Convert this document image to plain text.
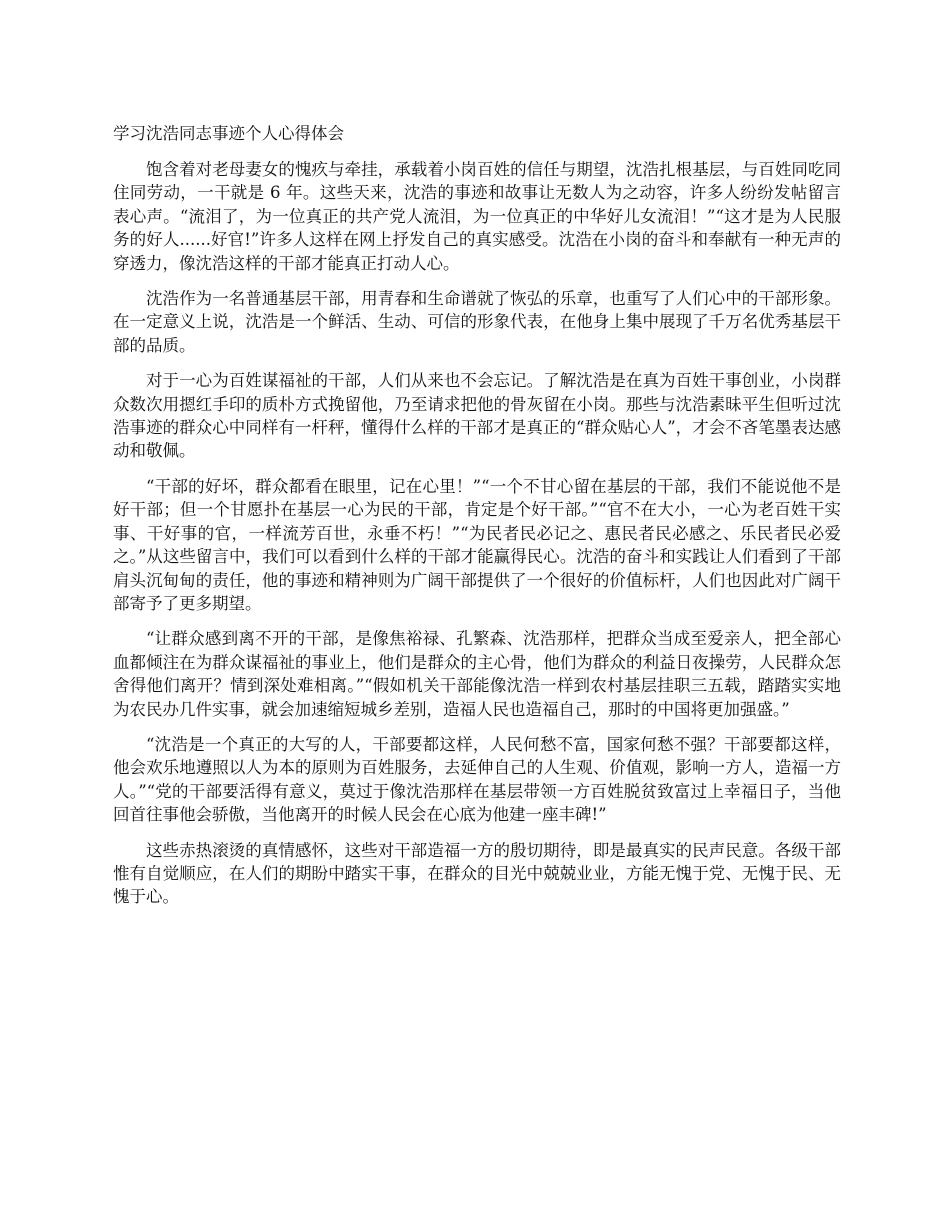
学习沈浩同志事迹个人心得体会

饱含着对老母妻女的愧疚与牵挂，承载着小岗百姓的信任与期望，沈浩扎根基层，与百姓同吃同住同劳动，一干就是 6 年。这些天来，沈浩的事迹和故事让无数人为之动容，许多人纷纷发帖留言表心声。“流泪了，为一位真正的共产党人流泪，为一位真正的中华好儿女流泪！”“这才是为人民服务的好人......好官!”许多人这样在网上抒发自己的真实感受。沈浩在小岗的奋斗和奉献有一种无声的穿透力，像沈浩这样的干部才能真正打动人心。

沈浩作为一名普通基层干部，用青春和生命谱就了恢弘的乐章，也重写了人们心中的干部形象。在一定意义上说，沈浩是一个鲜活、生动、可信的形象代表，在他身上集中展现了千万名优秀基层干部的品质。

对于一心为百姓谋福祉的干部，人们从来也不会忘记。了解沈浩是在真为百姓干事创业，小岗群众数次用摁红手印的质朴方式挽留他，乃至请求把他的骨灰留在小岗。那些与沈浩素昧平生但听过沈浩事迹的群众心中同样有一杆秤，懂得什么样的干部才是真正的“群众贴心人”，才会不吝笔墨表达感动和敬佩。

“干部的好坏，群众都看在眼里，记在心里！”“一个不甘心留在基层的干部，我们不能说他不是好干部；但一个甘愿扑在基层一心为民的干部，肯定是个好干部。”“官不在大小，一心为老百姓干实事、干好事的官，一样流芳百世，永垂不朽！”“为民者民必记之、惠民者民必感之、乐民者民必爱之。”从这些留言中，我们可以看到什么样的干部才能赢得民心。沈浩的奋斗和实践让人们看到了干部肩头沉甸甸的责任，他的事迹和精神则为广阔干部提供了一个很好的价值标杆，人们也因此对广阔干部寄予了更多期望。

“让群众感到离不开的干部，是像焦裕禄、孔繁森、沈浩那样，把群众当成至爱亲人，把全部心血都倾注在为群众谋福祉的事业上，他们是群众的主心骨，他们为群众的利益日夜操劳，人民群众怎舍得他们离开？情到深处难相离。”“假如机关干部能像沈浩一样到农村基层挂职三五载，踏踏实实地为农民办几件实事，就会加速缩短城乡差别，造福人民也造福自己，那时的中国将更加强盛。”

“沈浩是一个真正的大写的人，干部要都这样，人民何愁不富，国家何愁不强？干部要都这样，他会欢乐地遵照以人为本的原则为百姓服务，去延伸自己的人生观、价值观，影响一方人，造福一方人。”“党的干部要活得有意义，莫过于像沈浩那样在基层带领一方百姓脱贫致富过上幸福日子，当他回首往事他会骄傲，当他离开的时候人民会在心底为他建一座丰碑!”

这些赤热滚烫的真情感怀，这些对干部造福一方的殷切期待，即是最真实的民声民意。各级干部惟有自觉顺应，在人们的期盼中踏实干事，在群众的目光中兢兢业业，方能无愧于党、无愧于民、无愧于心。
